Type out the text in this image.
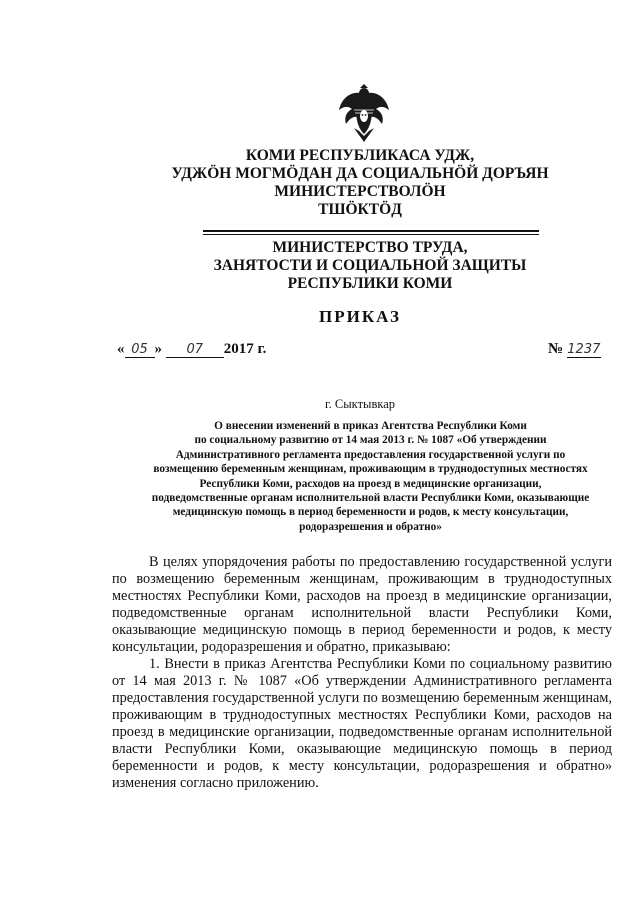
КОМИ РЕСПУБЛИКАСА УДЖ,
УДЖӦН МОГМӦДАН ДА СОЦИАЛЬНӦЙ ДОРЪЯН
МИНИСТЕРСТВОЛӦН
ТШӦКТӦД
МИНИСТЕРСТВО ТРУДА,
ЗАНЯТОСТИ И СОЦИАЛЬНОЙ ЗАЩИТЫ
РЕСПУБЛИКИ КОМИ
ПРИКАЗ
« 05 » 07 2017 г.	№ 1237
г. Сыктывкар
О внесении изменений в приказ Агентства Республики Коми
по социальному развитию от 14 мая 2013 г. № 1087 «Об утверждении
Административного регламента предоставления государственной услуги по
возмещению беременным женщинам, проживающим в труднодоступных местностях
Республики Коми, расходов на проезд в медицинские организации,
подведомственные органам исполнительной власти Республики Коми, оказывающие
медицинскую помощь в период беременности и родов, к месту консультации,
родоразрешения и обратно»

В целях упорядочения работы по предоставлению государственной услуги по возмещению беременным женщинам, проживающим в труднодоступных местностях Республики Коми, расходов на проезд в медицинские организации, подведомственные органам исполнительной власти Республики Коми, оказывающие медицинскую помощь в период беременности и родов, к месту консультации, родоразрешения и обратно, приказываю:

1. Внести в приказ Агентства Республики Коми по социальному развитию от 14 мая 2013 г. № 1087 «Об утверждении Административного регламента предоставления государственной услуги по возмещению беременным женщинам, проживающим в труднодоступных местностях Республики Коми, расходов на проезд в медицинские организации, подведомственные органам исполнительной власти Республики Коми, оказывающие медицинскую помощь в период беременности и родов, к месту консультации, родоразрешения и обратно» изменения согласно приложению.
